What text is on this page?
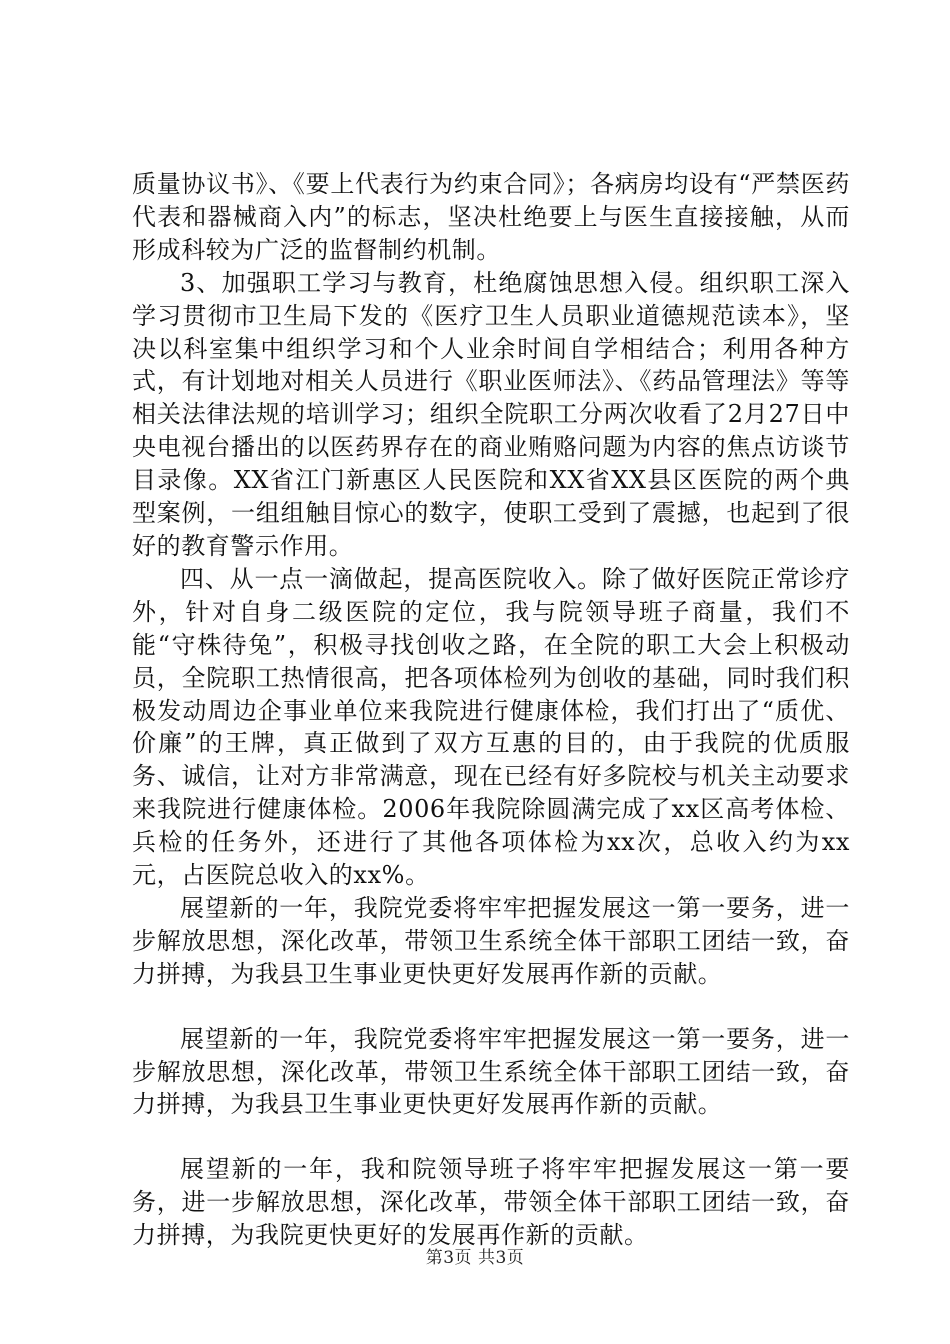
质量协议书》、《要上代表行为约束合同》；各病房均设有“严禁医药代表和器械商入内”的标志，坚决杜绝要上与医生直接接触，从而形成科较为广泛的监督制约机制。

3、加强职工学习与教育，杜绝腐蚀思想入侵。组织职工深入学习贯彻市卫生局下发的《医疗卫生人员职业道德规范读本》，坚决以科室集中组织学习和个人业余时间自学相结合；利用各种方式，有计划地对相关人员进行《职业医师法》、《药品管理法》等等相关法律法规的培训学习；组织全院职工分两次收看了2月27日中央电视台播出的以医药界存在的商业贿赂问题为内容的焦点访谈节目录像。XX省江门新惠区人民医院和XX省XX县区医院的两个典型案例，一组组触目惊心的数字，使职工受到了震撼，也起到了很好的教育警示作用。

四、从一点一滴做起，提高医院收入。除了做好医院正常诊疗外，针对自身二级医院的定位，我与院领导班子商量，我们不能“守株待兔”，积极寻找创收之路，在全院的职工大会上积极动员，全院职工热情很高，把各项体检列为创收的基础，同时我们积极发动周边企事业单位来我院进行健康体检，我们打出了“质优、价廉”的王牌，真正做到了双方互惠的目的，由于我院的优质服务、诚信，让对方非常满意，现在已经有好多院校与机关主动要求来我院进行健康体检。2006年我院除圆满完成了xx区高考体检、兵检的任务外，还进行了其他各项体检为xx次，总收入约为xx元，占医院总收入的xx%。

展望新的一年，我院党委将牢牢把握发展这一第一要务，进一步解放思想，深化改革，带领卫生系统全体干部职工团结一致，奋力拼搏，为我县卫生事业更快更好发展再作新的贡献。

展望新的一年，我院党委将牢牢把握发展这一第一要务，进一步解放思想，深化改革，带领卫生系统全体干部职工团结一致，奋力拼搏，为我县卫生事业更快更好发展再作新的贡献。

展望新的一年，我和院领导班子将牢牢把握发展这一第一要务，进一步解放思想，深化改革，带领全体干部职工团结一致，奋力拼搏，为我院更快更好的发展再作新的贡献。

第3页 共3页
